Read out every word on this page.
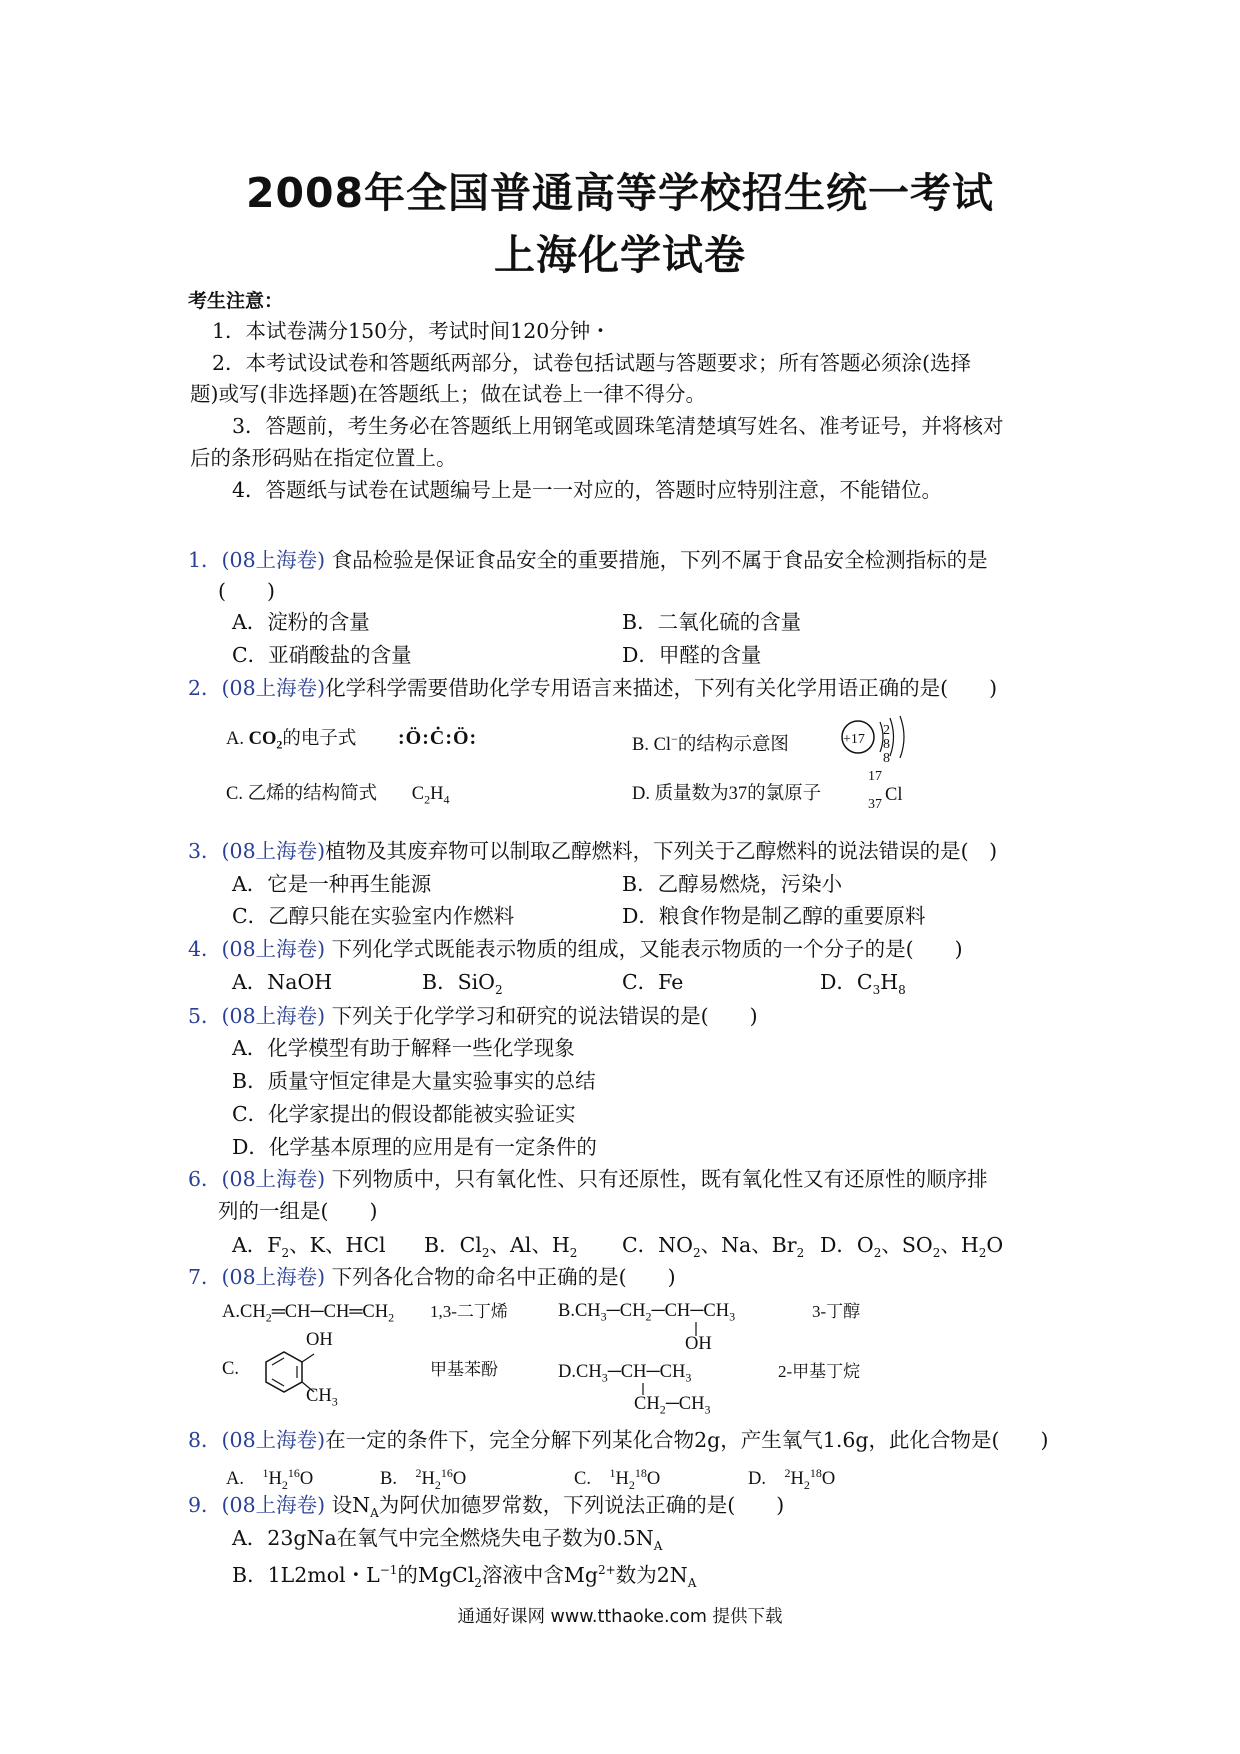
2008年全国普通高等学校招生统一考试
上海化学试卷
考生注意：
1．本试卷满分150分，考试时间120分钟・
2．本考试设试卷和答题纸两部分，试卷包括试题与答题要求；所有答题必须涂(选择
题)或写(非选择题)在答题纸上；做在试卷上一律不得分。
3．答题前，考生务必在答题纸上用钢笔或圆珠笔清楚填写姓名、准考证号，并将核对
后的条形码贴在指定位置上。
4．答题纸与试卷在试题编号上是一一对应的，答题时应特别注意，不能错位。
1．(08上海卷) 食品检验是保证食品安全的重要措施，下列不属于食品安全检测指标的是
(　　)
A．淀粉的含量	B．二氧化硫的含量
C．亚硝酸盐的含量	D．甲醛的含量
2．(08上海卷)化学科学需要借助化学专用语言来描述，下列有关化学用语正确的是(　　)
A. $CO_2$的电子式 :Ö:Ċ:Ö:	B. Cl−的结构示意图	+17
2
8
8
C. 乙烯的结构简式 $C_2H_4$	D. 质量数为37的氯原子
17
37 Cl
3．(08上海卷)植物及其废弃物可以制取乙醇燃料，下列关于乙醇燃料的说法错误的是(　)
A．它是一种再生能源	B．乙醇易燃烧，污染小
C．乙醇只能在实验室内作燃料	D．粮食作物是制乙醇的重要原料
4．(08上海卷) 下列化学式既能表示物质的组成，又能表示物质的一个分子的是(　　)
A．NaOH	B．SiO$_2$	C．Fe	D．$C_3H_8$
5．(08上海卷) 下列关于化学学习和研究的说法错误的是(　　)
A．化学模型有助于解释一些化学现象
B．质量守恒定律是大量实验事实的总结
C．化学家提出的假设都能被实验证实
D．化学基本原理的应用是有一定条件的
6．(08上海卷) 下列物质中，只有氧化性、只有还原性，既有氧化性又有还原性的顺序排
列的一组是(　　)
A．$F_2$、K、HCl B．$Cl_2$、Al、$H_2$ C．$NO_2$、Na、$Br_2$ D．$O_2$、$SO_2$、$H_2O$
7．(08上海卷) 下列各化合物的命名中正确的是(　　)
$A.CH_2═CH─CH═CH_2$ 1,3-二丁烯	$B.CH_3─CH_2─CH─CH_3$
OH
3-丁醇
C.
OH
$CH_3$
甲基苯酚	$D.CH_3─CH─CH_3$
$CH_2─CH_3$
2-甲基丁烷
8．(08上海卷)在一定的条件下，完全分解下列某化合物2g，产生氧气1.6g，此化合物是(　　)
A.　$^1H_2^{16}O$	B.　$^2H_2^{16}O$	C.　$^1H_2^{18}O$	D.　$^2H_2^{18}O$
9．(08上海卷) 设$N_A$为阿伏加德罗常数，下列说法正确的是(　　)
A．23gNa在氧气中完全燃烧失电子数为$0.5N_A$
B．1L2mol・$L^{-1}$的MgCl$_2$溶液中含$Mg^{2+}$数为$2N_A$
通通好课网 www.tthaoke.com 提供下载
